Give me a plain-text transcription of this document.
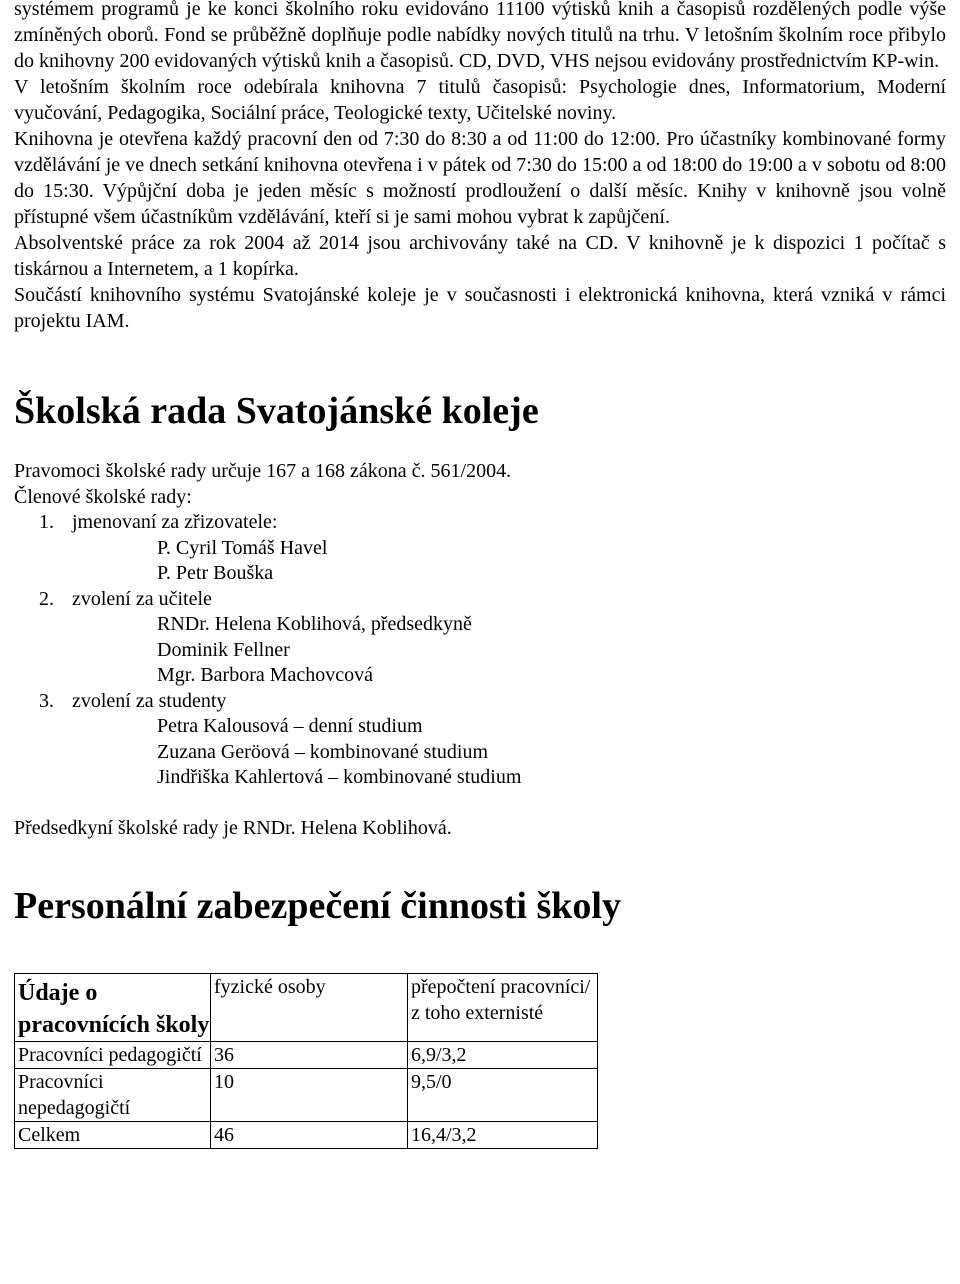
systémem programů je ke konci školního roku evidováno 11100 výtisků knih a časopisů rozdělených podle výše zmíněných oborů. Fond se průběžně doplňuje podle nabídky nových titulů na trhu. V letošním školním roce přibylo do knihovny 200 evidovaných výtisků knih a časopisů. CD, DVD, VHS nejsou evidovány prostřednictvím KP-win.

V letošním školním roce odebírala knihovna 7 titulů časopisů: Psychologie dnes, Informatorium, Moderní vyučování, Pedagogika, Sociální práce, Teologické texty, Učitelské noviny.

Knihovna je otevřena každý pracovní den od 7:30 do 8:30 a od 11:00 do 12:00. Pro účastníky kombinované formy vzdělávání je ve dnech setkání knihovna otevřena i v pátek od 7:30 do 15:00 a od 18:00 do 19:00 a v sobotu od 8:00 do 15:30. Výpůjční doba je jeden měsíc s možností prodloužení o další měsíc. Knihy v knihovně jsou volně přístupné všem účastníkům vzdělávání, kteří si je sami mohou vybrat k zapůjčení.

Absolventské práce za rok 2004 až 2014 jsou archivovány také na CD. V knihovně je k dispozici 1 počítač s tiskárnou a Internetem, a 1 kopírka.

Součástí knihovního systému Svatojánské koleje je v současnosti i elektronická knihovna, která vzniká v rámci projektu IAM.

Školská rada Svatojánské koleje

Pravomoci školské rady určuje 167 a 168 zákona č. 561/2004.

Členové školské rady:

1. jmenovaní za zřizovatele:

P. Cyril Tomáš Havel

P. Petr Bouška

2. zvolení za učitele

RNDr. Helena Koblihová, předsedkyně

Dominik Fellner

Mgr. Barbora Machovcová

3. zvolení za studenty

Petra Kalousová – denní studium

Zuzana Geröová – kombinované studium

Jindřiška Kahlertová – kombinované studium

Předsedkyní školské rady je RNDr. Helena Koblihová.

Personální zabezpečení činnosti školy
Údaje o pracovnících školy	fyzické osoby	přepočtení pracovníci/ z toho externisté
Pracovníci pedagogičtí	36	6,9/3,2
Pracovníci nepedagogičtí	10	9,5/0
Celkem	46	16,4/3,2
